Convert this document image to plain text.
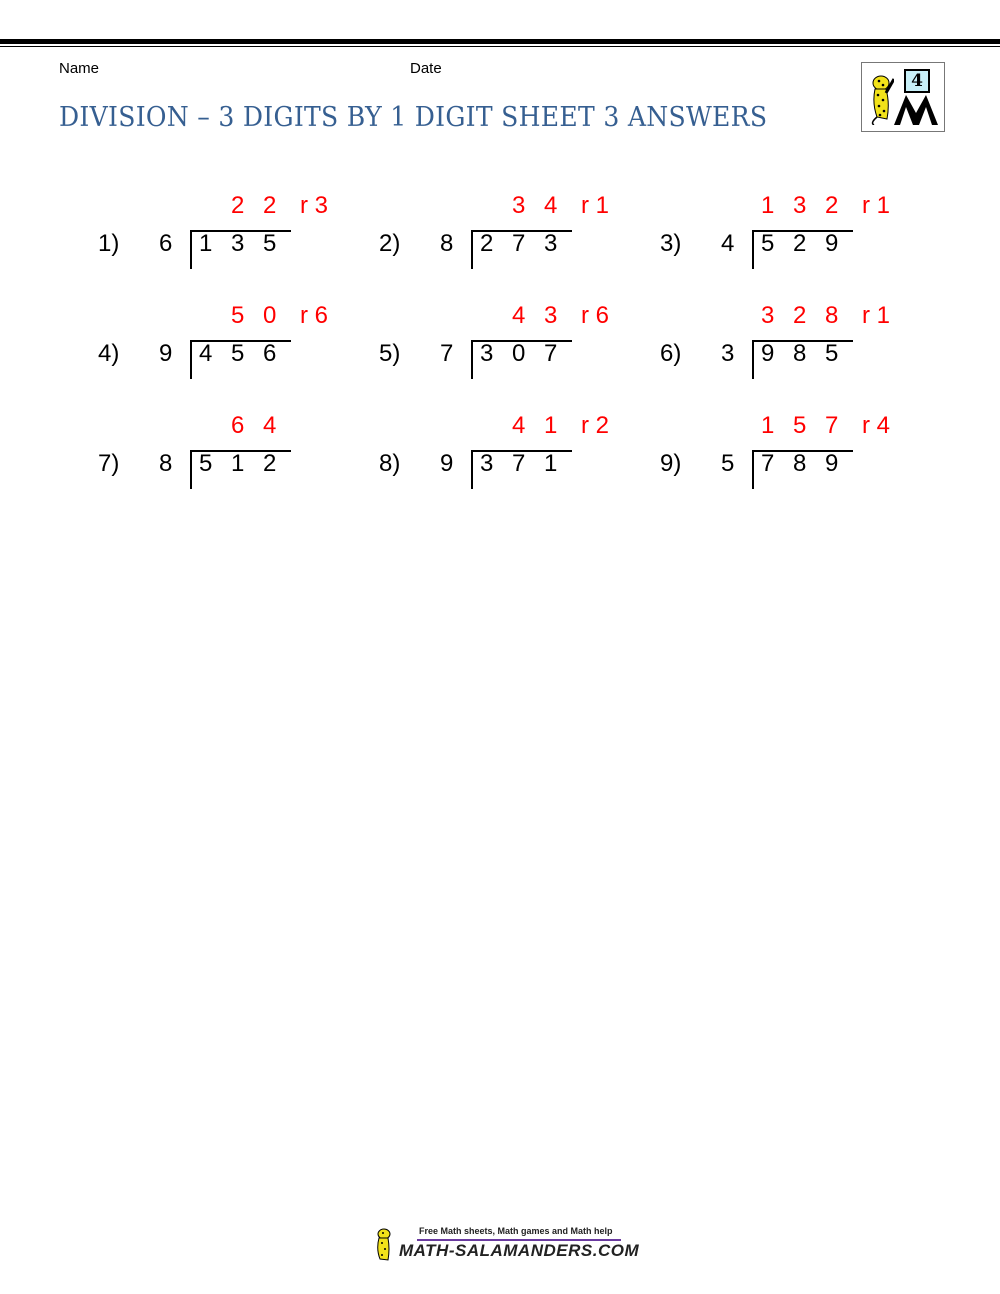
Name	Date
DIVISION – 3 DIGITS BY 1 DIGIT SHEET 3 ANSWERS
4
2 2 r 3
1) 6 1 3 5
3 4 r 1
2) 8 2 7 3
1 3 2 r 1
3) 4 5 2 9
5 0 r 6
4) 9 4 5 6
4 3 r 6
5) 7 3 0 7
3 2 8 r 1
6) 3 9 8 5
6 4
7) 8 5 1 2
4 1 r 2
8) 9 3 7 1
1 5 7 r 4
9) 5 7 8 9
Free Math sheets, Math games and Math help
MATH-SALAMANDERS.COM
